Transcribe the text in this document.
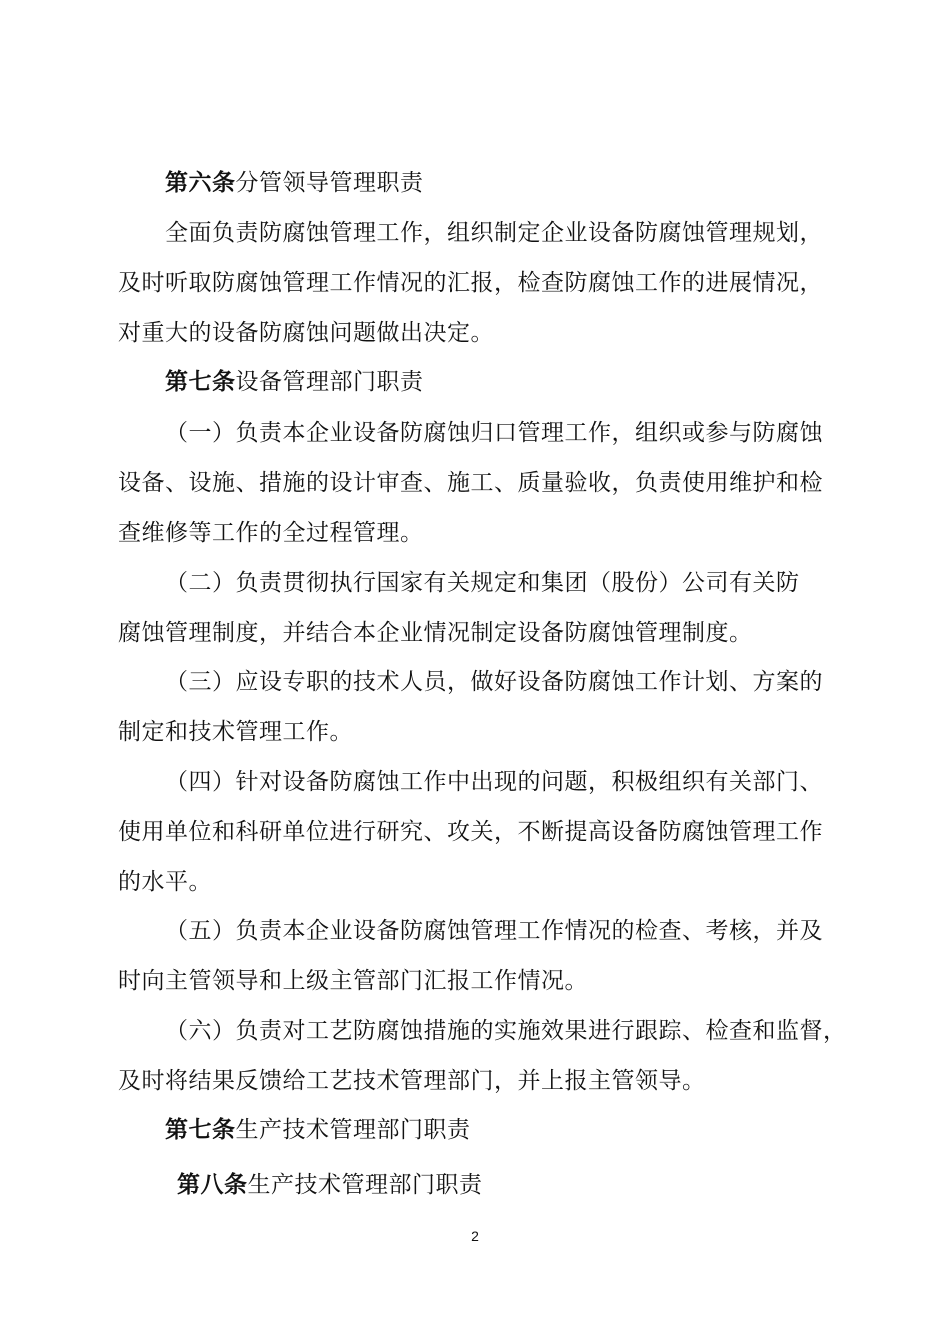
第六条分管领导管理职责
全面负责防腐蚀管理工作，组织制定企业设备防腐蚀管理规划，
及时听取防腐蚀管理工作情况的汇报，检查防腐蚀工作的进展情况，
对重大的设备防腐蚀问题做出决定。
第七条设备管理部门职责
（一）负责本企业设备防腐蚀归口管理工作，组织或参与防腐蚀
设备、设施、措施的设计审查、施工、质量验收，负责使用维护和检
查维修等工作的全过程管理。
（二）负责贯彻执行国家有关规定和集团（股份）公司有关防
腐蚀管理制度，并结合本企业情况制定设备防腐蚀管理制度。
（三）应设专职的技术人员，做好设备防腐蚀工作计划、方案的
制定和技术管理工作。
（四）针对设备防腐蚀工作中出现的问题，积极组织有关部门、
使用单位和科研单位进行研究、攻关，不断提高设备防腐蚀管理工作
的水平。
（五）负责本企业设备防腐蚀管理工作情况的检查、考核，并及
时向主管领导和上级主管部门汇报工作情况。
（六）负责对工艺防腐蚀措施的实施效果进行跟踪、检查和监督，
及时将结果反馈给工艺技术管理部门，并上报主管领导。
第七条生产技术管理部门职责
第八条生产技术管理部门职责
2
